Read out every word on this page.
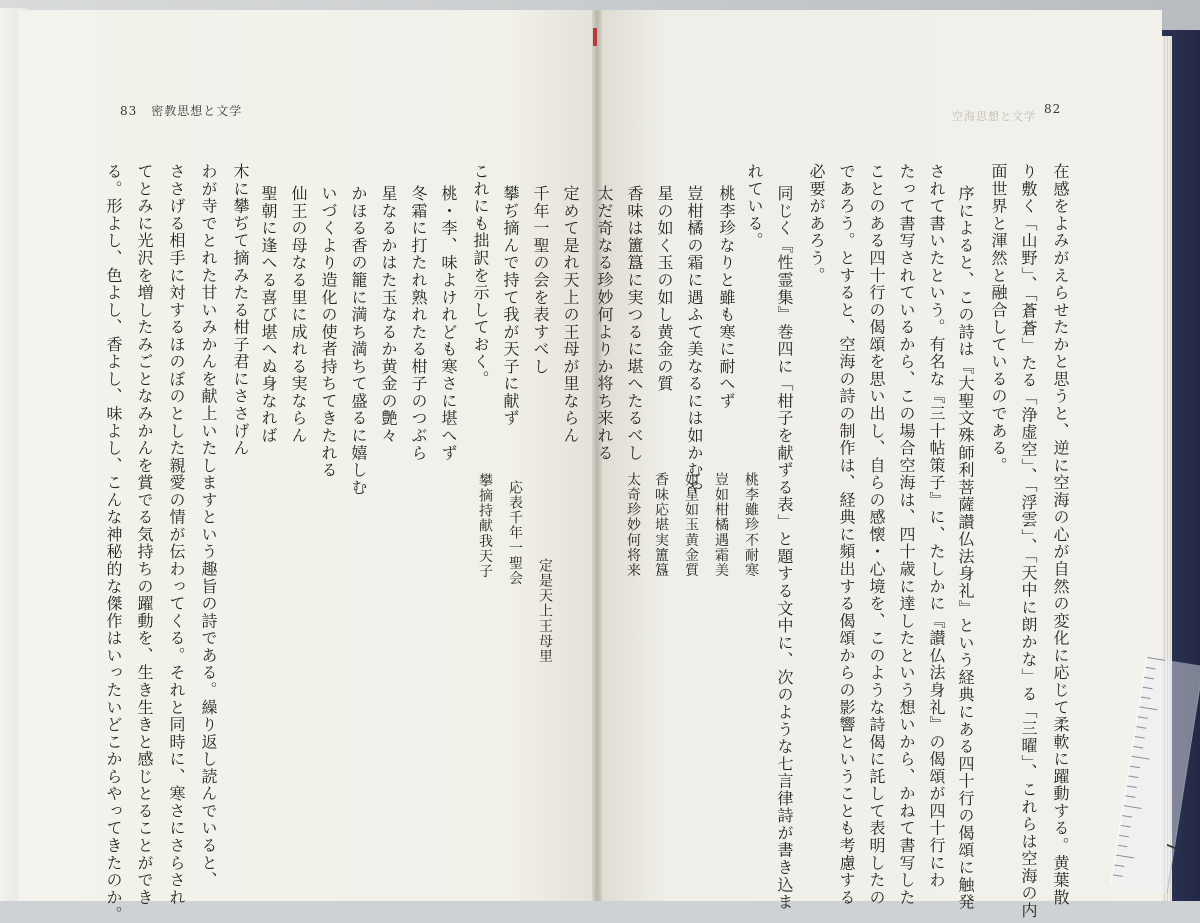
83 密教思想と文学	空海思想と文学
82
る。形よし、色よし、香よし、味よし、こんな神秘的な傑作はいったいどこからやってきたのか。 てとみに光沢を増したみごとなみかんを賞でる気持ちの躍動を、生き生きと感じとることができ ささげる相手に対するほのぼのとした親愛の情が伝わってくる。それと同時に、寒さにさらされ わが寺でとれた甘いみかんを献上いたしますという趣旨の詩である。繰り返し読んでいると、 木に攀ぢて摘みたる柑子君にささげん 聖朝に逢へる喜び堪へぬ身なれば 仙王の母なる里に成れる実ならん いづくより造化の使者持ちてきたれる かほる香の籠に満ち満ちて盛るに嬉しむ 星なるかはた玉なるか黄金の艶々 冬霜に打たれ熟れたる柑子のつぶら 桃・李、味よけれども寒さに堪へず これにも拙訳を示しておく。 攀ぢ摘んで持て我が天子に献ず 千年一聖の会を表すべし 定めて是れ天上の王母が里ならん
攀摘持献我天子 応表千年一聖会
定是天上王母里	在感をよみがえらせたかと思うと、逆に空海の心が自然の変化に応じて柔軟に躍動する。黄葉散
り敷く「山野」、「蒼蒼」たる「浄虚空」、「浮雲」、「天中に朗かな」る「三曜」、これらは空海の内
面世界と渾然と融合しているのである。
序によると、この詩は『大聖文殊師利菩薩讃仏法身礼』という経典にある四十行の偈頌に触発
されて書いたという。有名な『三十帖策子』に、たしかに『讃仏法身礼』の偈頌が四十行にわ
たって書写されているから、この場合空海は、四十歳に達したという想いから、かねて書写した
ことのある四十行の偈頌を思い出し、自らの感懐・心境を、このような詩偈に託して表明したの
であろう。とすると、空海の詩の制作は、経典に頻出する偈頌からの影響ということも考慮する
必要があろう。
同じく『性霊集』巻四に「柑子を献ずる表」と題する文中に、次のような七言律詩が書き込ま
れている。
桃李珍なりと雖も寒に耐へず
豈柑橘の霜に遇ふて美なるには如かむや
星の如く玉の如し黄金の質
香味は簠簋に実つるに堪へたるべし
太だ奇なる珍妙何よりか将ち来れる
桃李雖珍不耐寒
豈如柑橘遇霜美
如星如玉黄金質
香味応堪実簠簋
太奇珍妙何将来
7
